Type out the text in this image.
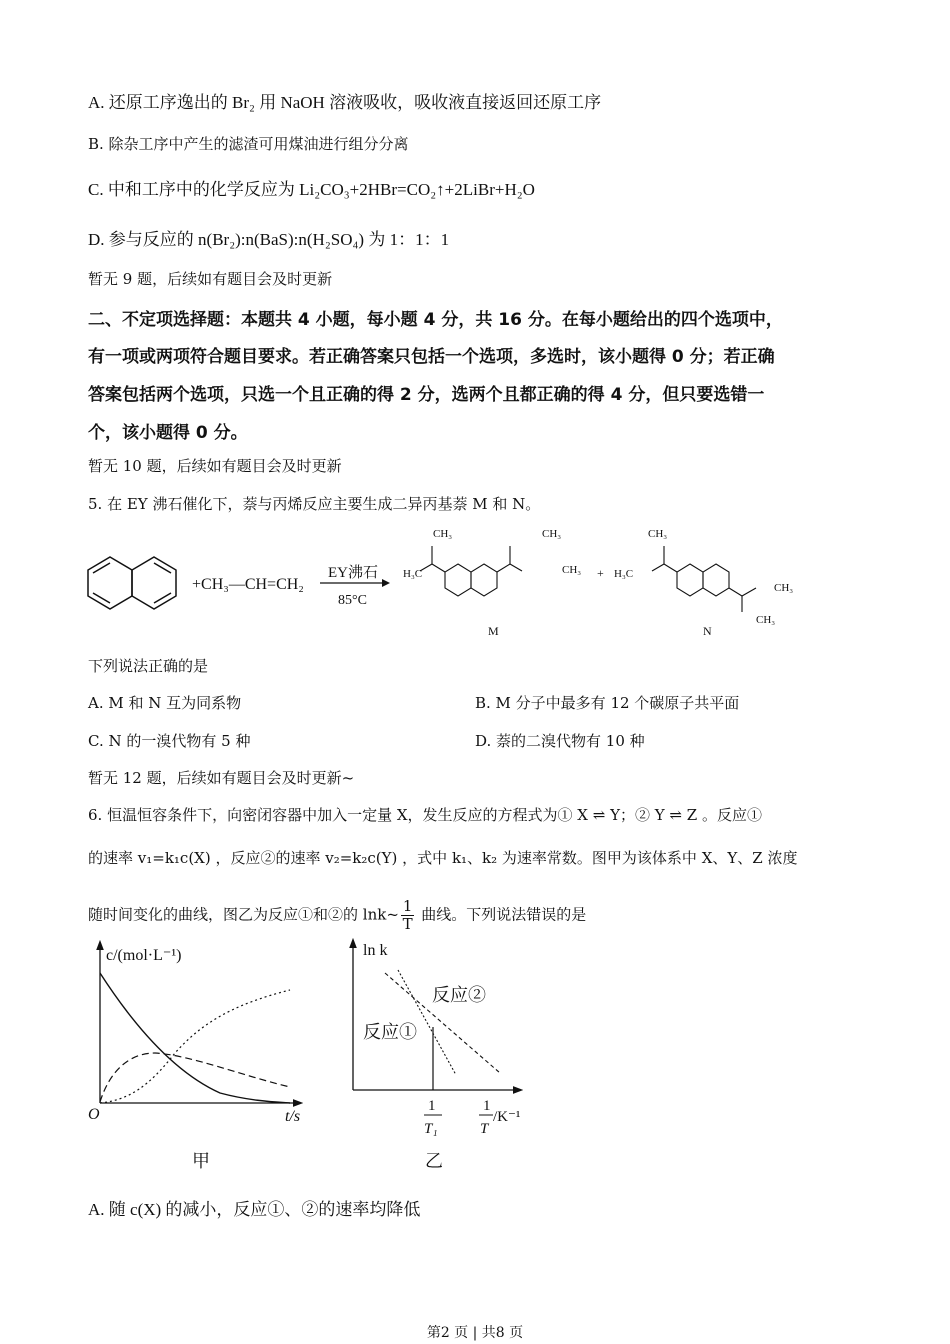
A. 还原工序逸出的 Br₂ 用 NaOH 溶液吸收，吸收液直接返回还原工序
B. 除杂工序中产生的滤渣可用煤油进行组分分离
C. 中和工序中的化学反应为 Li₂CO₃+2HBr=CO₂↑+2LiBr+H₂O
D. 参与反应的 n(Br₂):n(BaS):n(H₂SO₄) 为 1：1：1
暂无 9 题，后续如有题目会及时更新
二、不定项选择题：本题共 4 小题，每小题 4 分，共 16 分。在每小题给出的四个选项中，
有一项或两项符合题目要求。若正确答案只包括一个选项，多选时，该小题得 0 分；若正确
答案包括两个选项，只选一个且正确的得 2 分，选两个且都正确的得 4 分，但只要选错一
个，该小题得 0 分。
暂无 10 题，后续如有题目会及时更新
5. 在 EY 沸石催化下，萘与丙烯反应主要生成二异丙基萘 M 和 N。
+CH₃—CH=CH₂
EY沸石
85°C
CH₃
H₃C
CH₃
CH₃
M
+
CH₃
H₃C
CH₃
CH₃
N
下列说法正确的是
A. M 和 N 互为同系物	B. M 分子中最多有 12 个碳原子共平面
C. N 的一溴代物有 5 种	D. 萘的二溴代物有 10 种
暂无 12 题，后续如有题目会及时更新~
6. 恒温恒容条件下，向密闭容器中加入一定量 X，发生反应的方程式为① X ⇌ Y；② Y ⇌ Z 。反应①
的速率 v₁=k₁c(X) ，反应②的速率 v₂=k₂c(Y) ，式中 k₁、k₂ 为速率常数。图甲为该体系中 X、Y、Z 浓度
随时间变化的曲线，图乙为反应①和②的 lnk~ $\frac{1}{T}$ 曲线。下列说法错误的是
c/(mol·L⁻¹)
t/s
O
甲
ln k
反应②
反应①
1
T₁
1
T
/K⁻¹
乙
A. 随 c(X) 的减小，反应①、②的速率均降低
第2 页 | 共8 页
